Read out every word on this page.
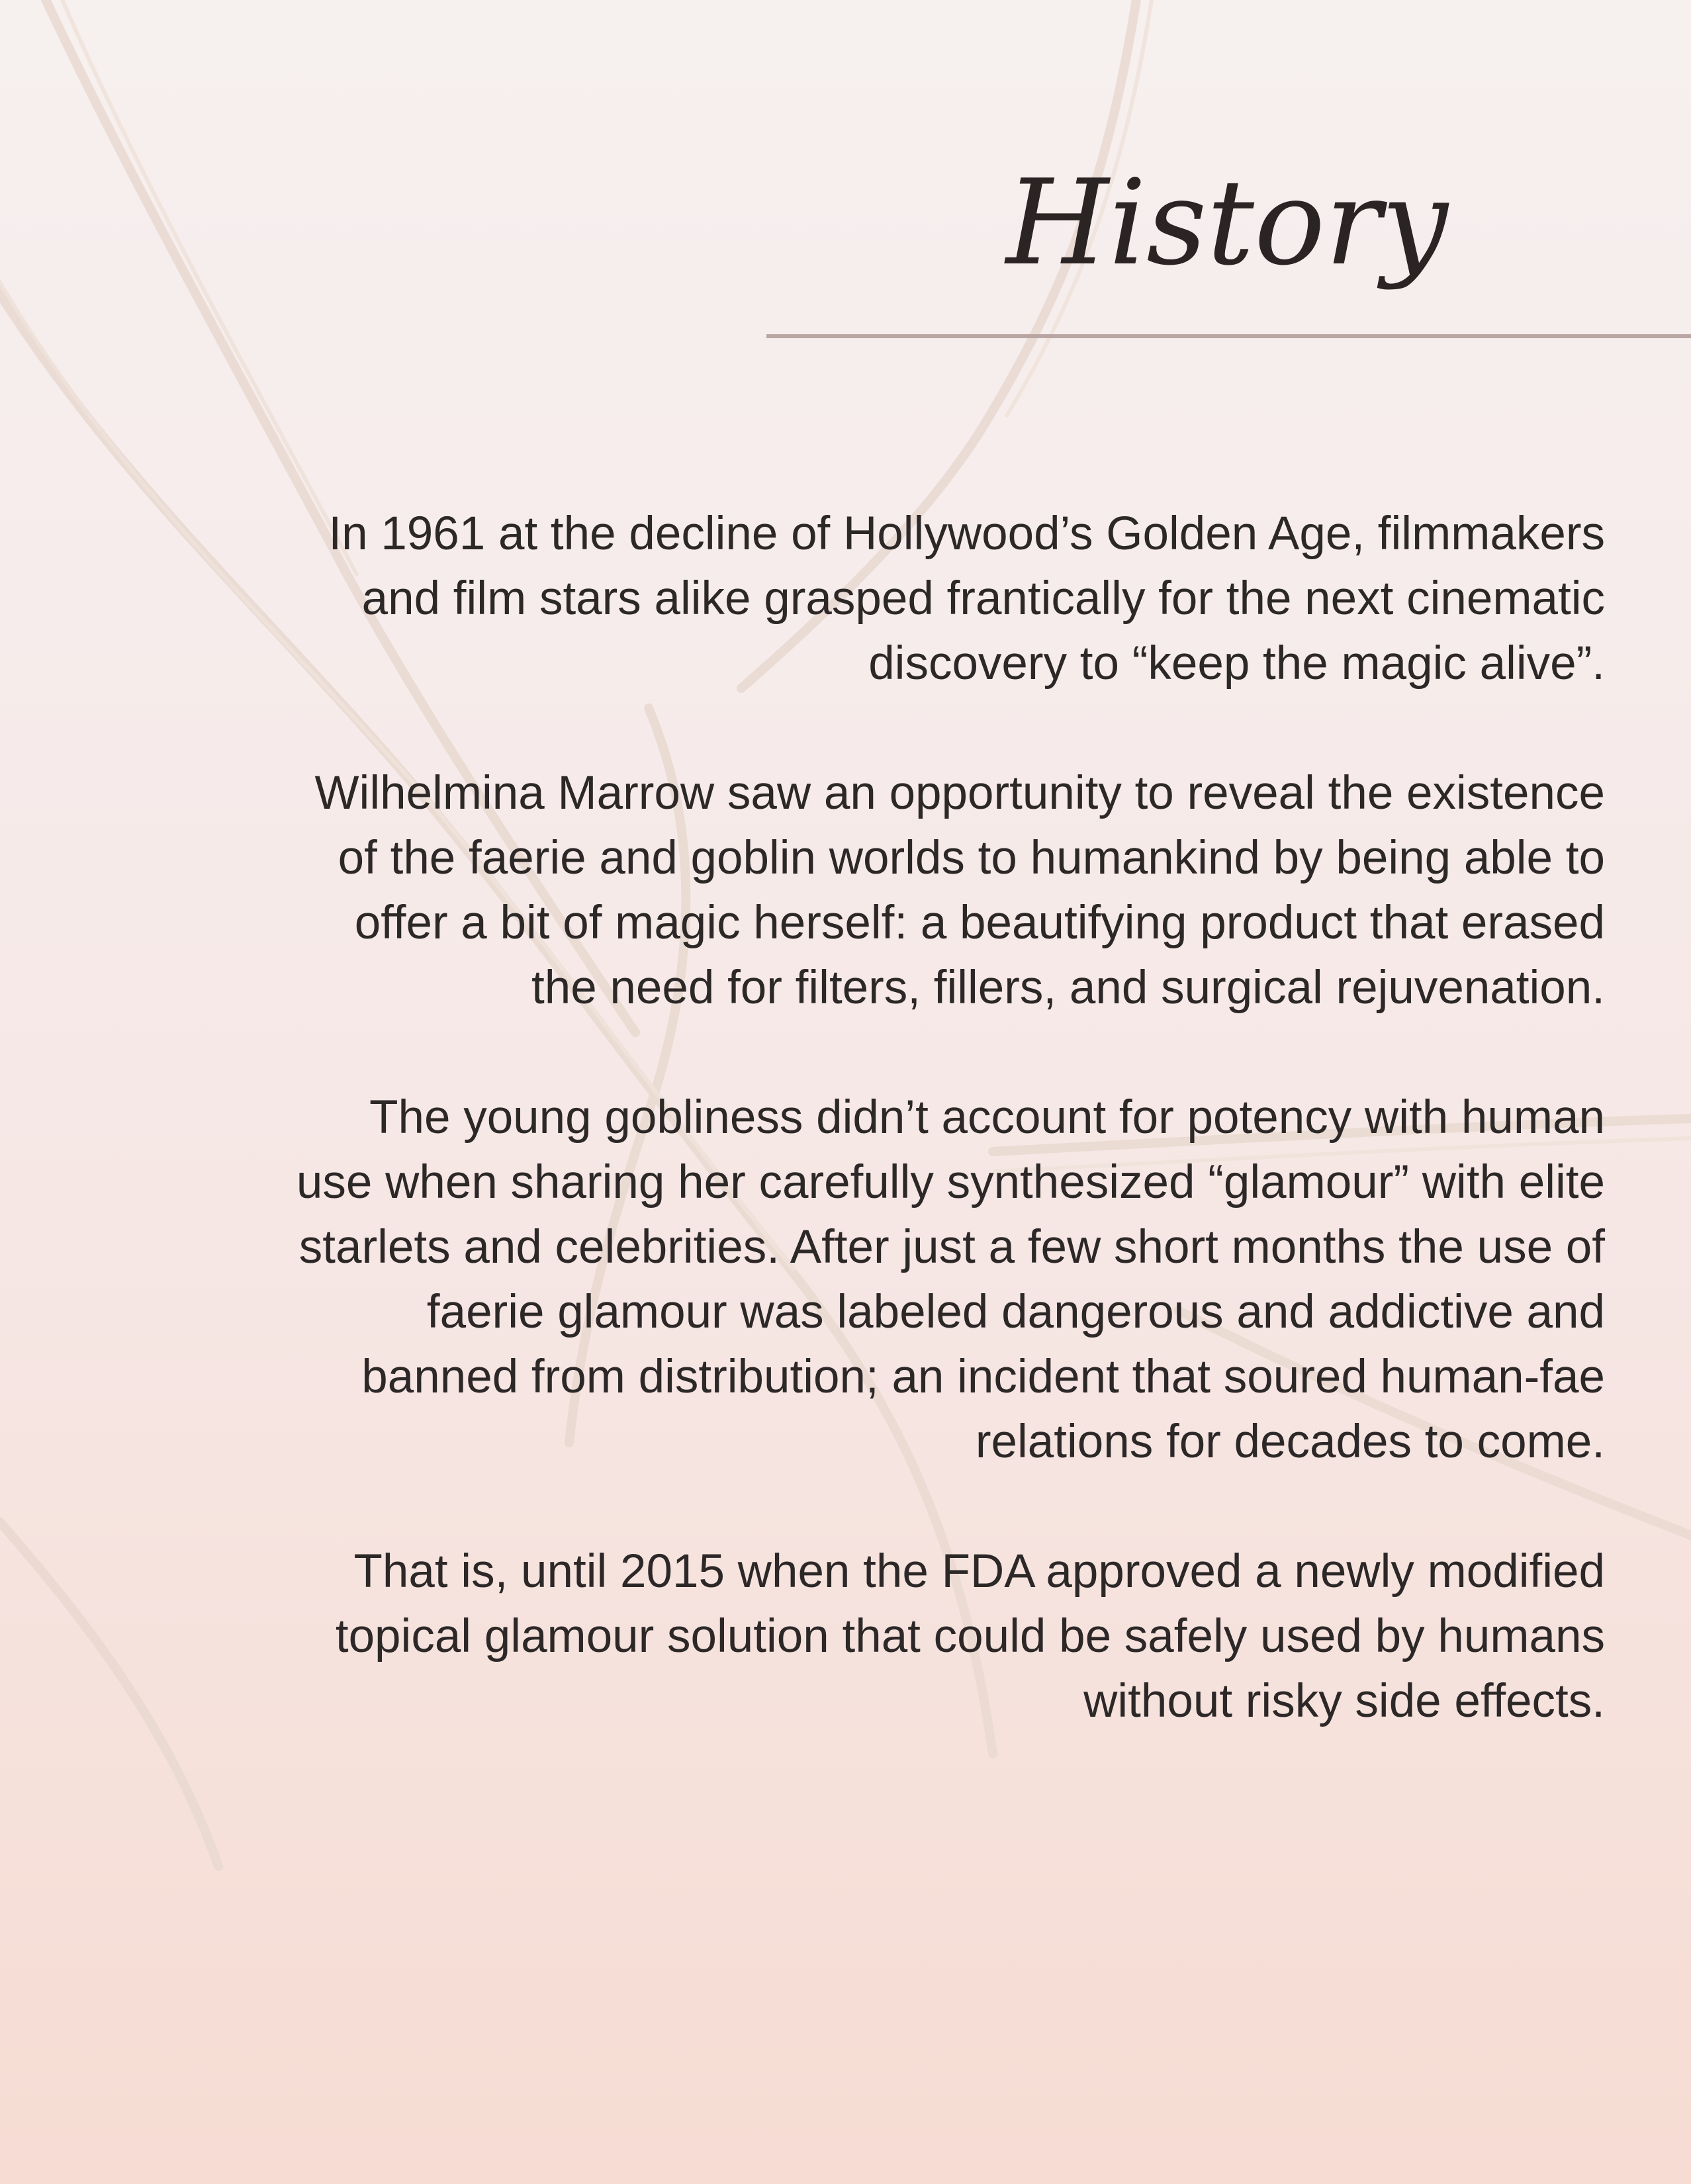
History

In 1961 at the decline of Hollywood’s Golden Age, filmmakers
and film stars alike grasped frantically for the next cinematic
discovery to “keep the magic alive”.

Wilhelmina Marrow saw an opportunity to reveal the existence
of the faerie and goblin worlds to humankind by being able to
offer a bit of magic herself: a beautifying product that erased
the need for filters, fillers, and surgical rejuvenation.

The young gobliness didn’t account for potency with human
use when sharing her carefully synthesized “glamour” with elite
starlets and celebrities. After just a few short months the use of
faerie glamour was labeled dangerous and addictive and
banned from distribution; an incident that soured human-fae
relations for decades to come.

That is, until 2015 when the FDA approved a newly modified
topical glamour solution that could be safely used by humans
without risky side effects.
